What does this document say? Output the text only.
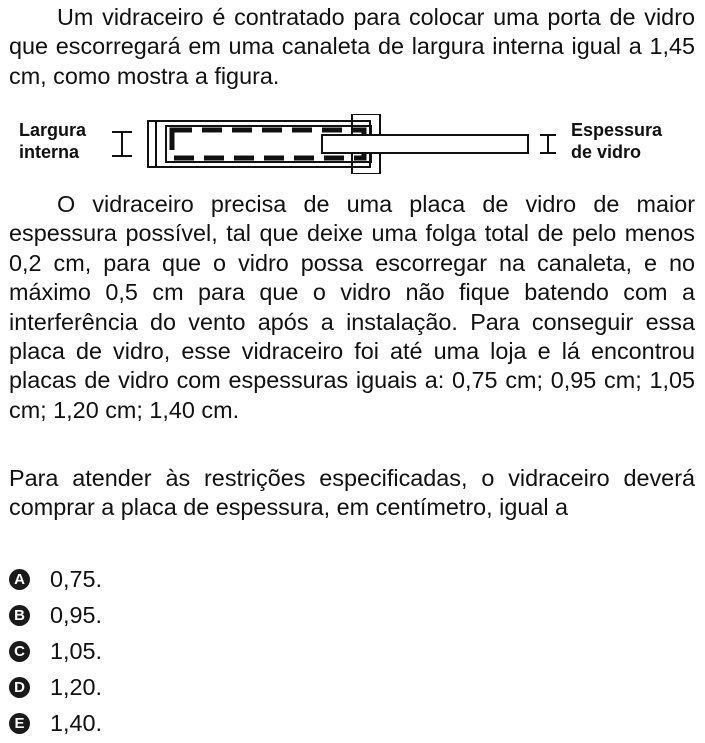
Um vidraceiro é contratado para colocar uma porta de vidro que escorregará em uma canaleta de largura interna igual a 1,45 cm, como mostra a figura.

Largura
interna

Espessura
de vidro

O vidraceiro precisa de uma placa de vidro de maior espessura possível, tal que deixe uma folga total de pelo menos 0,2 cm, para que o vidro possa escorregar na canaleta, e no máximo 0,5 cm para que o vidro não fique batendo com a interferência do vento após a instalação. Para conseguir essa placa de vidro, esse vidraceiro foi até uma loja e lá encontrou placas de vidro com espessuras iguais a: 0,75 cm; 0,95 cm; 1,05 cm; 1,20 cm; 1,40 cm.

Para atender às restrições especificadas, o vidraceiro deverá comprar a placa de espessura, em centímetro, igual a

A 0,75.
B 0,95.
C 1,05.
D 1,20.
E 1,40.
